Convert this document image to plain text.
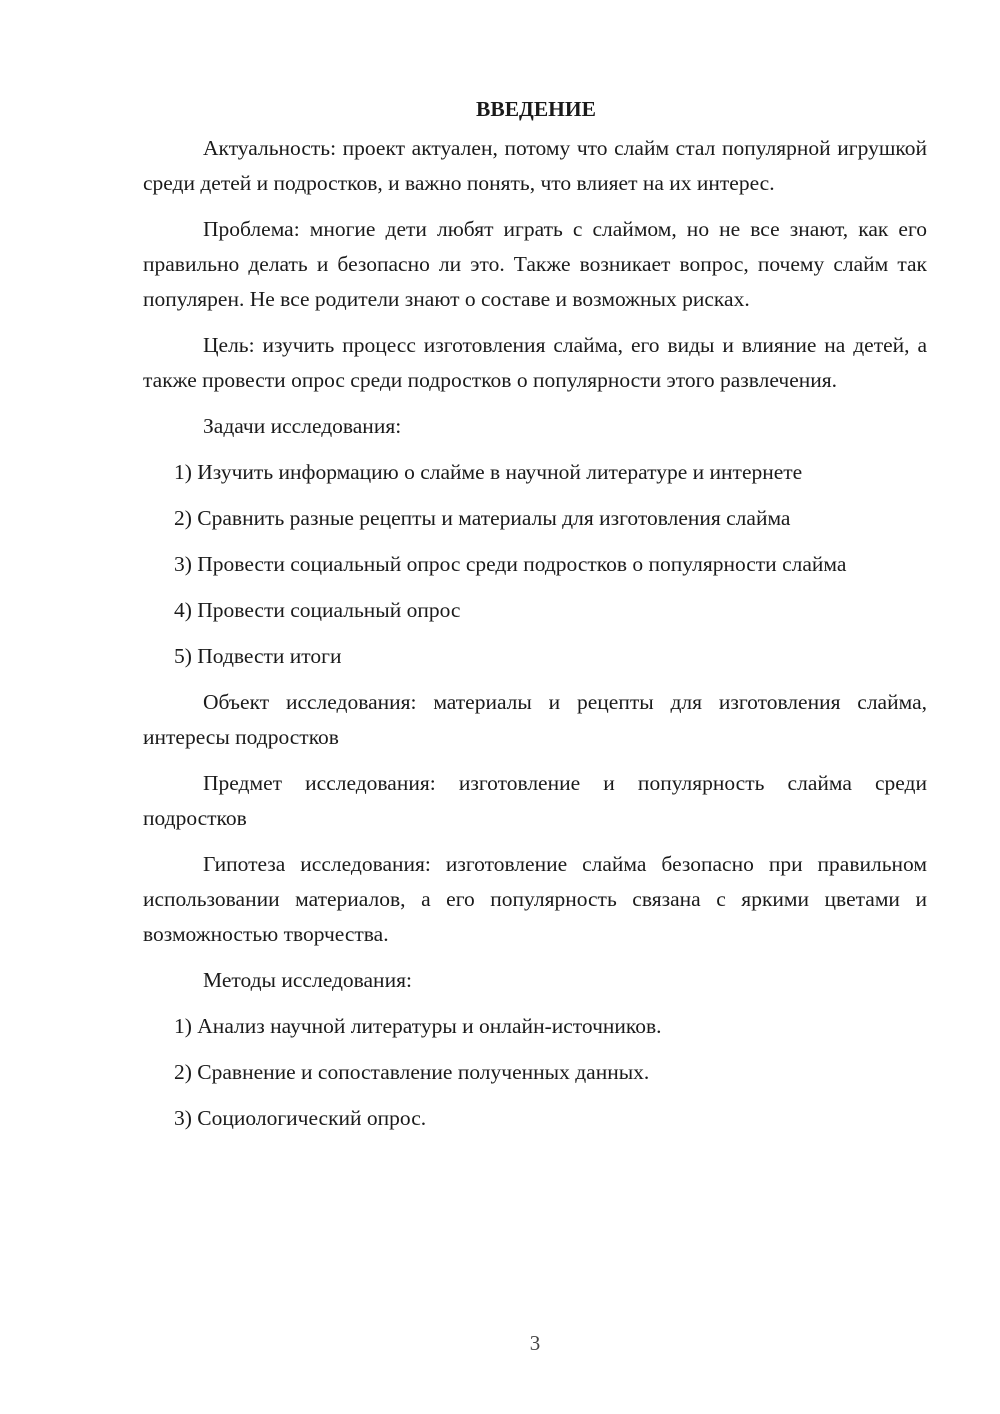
ВВЕДЕНИЕ

Актуальность: проект актуален, потому что слайм стал популярной игрушкой среди детей и подростков, и важно понять, что влияет на их интерес.

Проблема: многие дети любят играть с слаймом, но не все знают, как его правильно делать и безопасно ли это. Также возникает вопрос, почему слайм так популярен. Не все родители знают о составе и возможных рисках.

Цель: изучить процесс изготовления слайма, его виды и влияние на детей, а также провести опрос среди подростков о популярности этого развлечения.

Задачи исследования:

1) Изучить информацию о слайме в научной литературе и интернете

2) Сравнить разные рецепты и материалы для изготовления слайма

3) Провести социальный опрос среди подростков о популярности слайма

4) Провести социальный опрос

5) Подвести итоги

Объект исследования: материалы и рецепты для изготовления слайма, интересы подростков

Предмет исследования: изготовление и популярность слайма среди подростков

Гипотеза исследования: изготовление слайма безопасно при правильном использовании материалов, а его популярность связана с яркими цветами и возможностью творчества.

Методы исследования:

1) Анализ научной литературы и онлайн-источников.

2) Сравнение и сопоставление полученных данных.

3) Социологический опрос.

3
